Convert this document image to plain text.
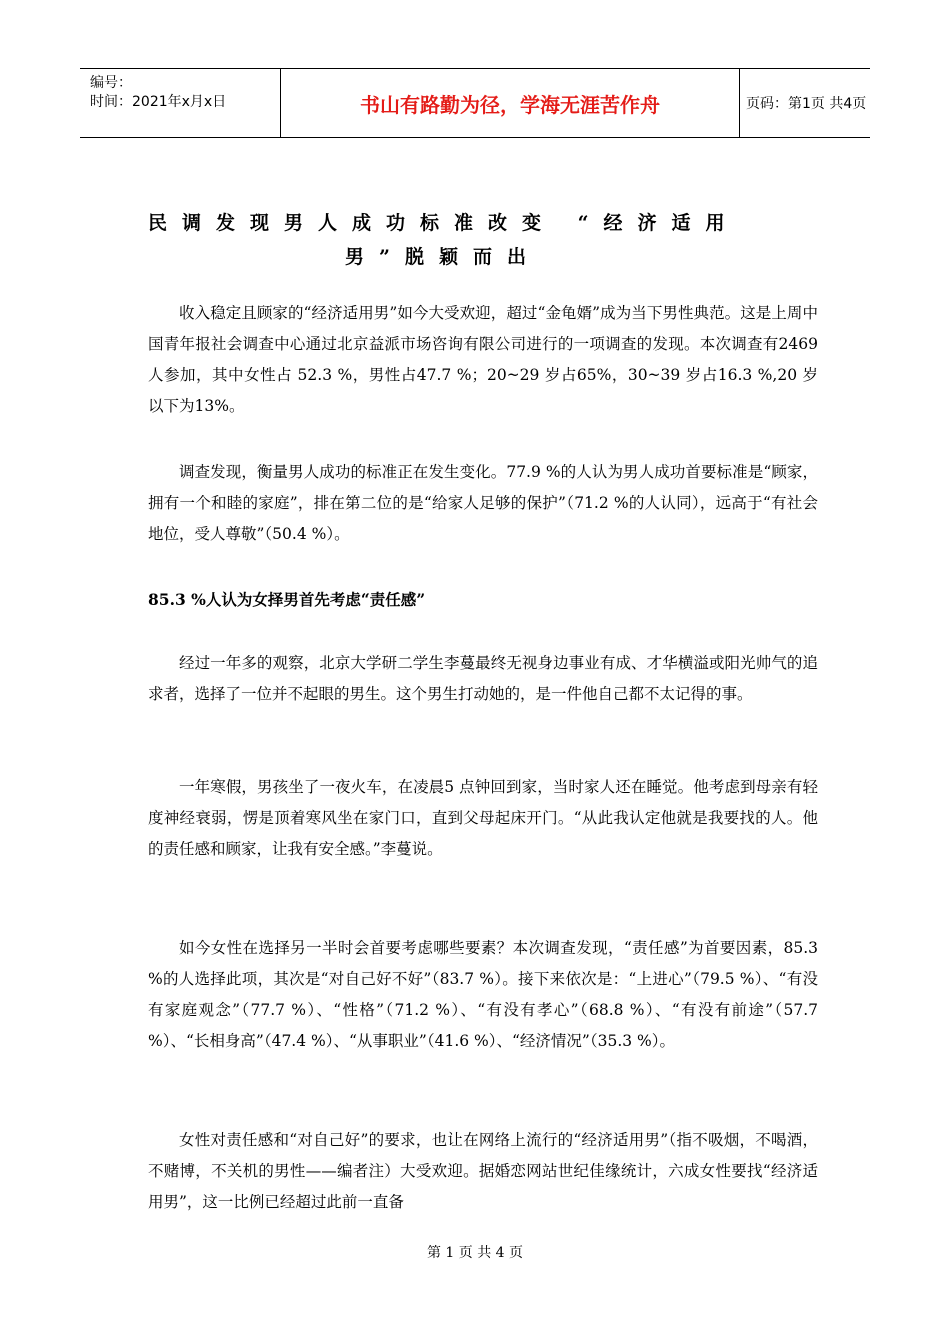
编号：
时间：2021年x月x日	书山有路勤为径，学海无涯苦作舟	页码：第1页 共4页
民调发现男人成功标准改变 “经济适用
男”脱颖而出

收入稳定且顾家的“经济适用男”如今大受欢迎，超过“金龟婿”成为当下男性典范。这是上周中国青年报社会调查中心通过北京益派市场咨询有限公司进行的一项调查的发现。本次调查有2469人参加，其中女性占 52.3 %，男性占47.7 %；20~29 岁占65%，30~39 岁占16.3 %,20 岁以下为13%。

调查发现，衡量男人成功的标准正在发生变化。77.9 %的人认为男人成功首要标准是“顾家，拥有一个和睦的家庭”，排在第二位的是“给家人足够的保护”（71.2 %的人认同），远高于“有社会地位，受人尊敬”（50.4 %）。

85.3 %人认为女择男首先考虑“责任感”

经过一年多的观察，北京大学研二学生李蔓最终无视身边事业有成、才华横溢或阳光帅气的追求者，选择了一位并不起眼的男生。这个男生打动她的，是一件他自己都不太记得的事。

一年寒假，男孩坐了一夜火车，在凌晨5 点钟回到家，当时家人还在睡觉。他考虑到母亲有轻度神经衰弱，愣是顶着寒风坐在家门口，直到父母起床开门。“从此我认定他就是我要找的人。他的责任感和顾家，让我有安全感。”李蔓说。

如今女性在选择另一半时会首要考虑哪些要素？本次调查发现，“责任感”为首要因素，85.3 %的人选择此项，其次是“对自己好不好”（83.7 %）。接下来依次是：“上进心”（79.5 %）、“有没有家庭观念”（77.7 %）、“性格”（71.2 %）、“有没有孝心”（68.8 %）、“有没有前途”（57.7 %）、“长相身高”（47.4 %）、“从事职业”（41.6 %）、“经济情况”（35.3 %）。

女性对责任感和“对自己好”的要求，也让在网络上流行的“经济适用男”（指不吸烟，不喝酒，不赌博，不关机的男性——编者注）大受欢迎。据婚恋网站世纪佳缘统计，六成女性要找“经济适用男”，这一比例已经超过此前一直备

第 1 页 共 4 页
